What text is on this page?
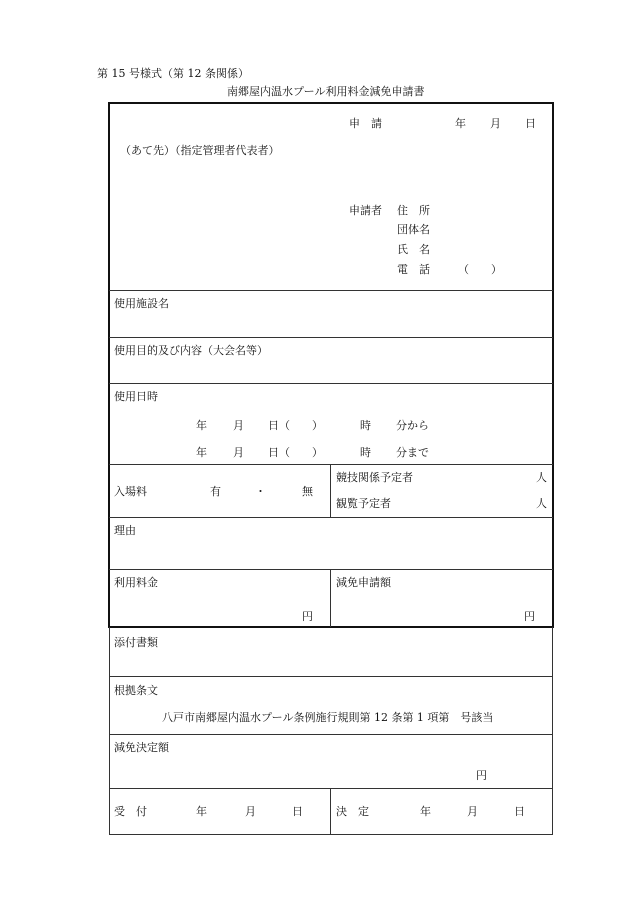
第 15 号様式（第 12 条関係）
南郷屋内温水プール利用料金減免申請書
申　請	年 月 日
（あて先）（指定管理者代表者）
申請者 住　所
団体名
氏　名
電　話	（　　）
使用施設名
使用目的及び内容（大会名等）
使用日時
年 月 日（　　）	時 分から
年 月 日（　　）	時 分まで
入場料	有	・	無
競技関係予定者	人
観覧予定者	人
理由
利用料金
円
減免申請額
円
添付書類
根拠条文
八戸市南郷屋内温水プール条例施行規則第 12 条第 1 項第　号該当
減免決定額
円
受　付	年	月	日	決　定	年	月	日
